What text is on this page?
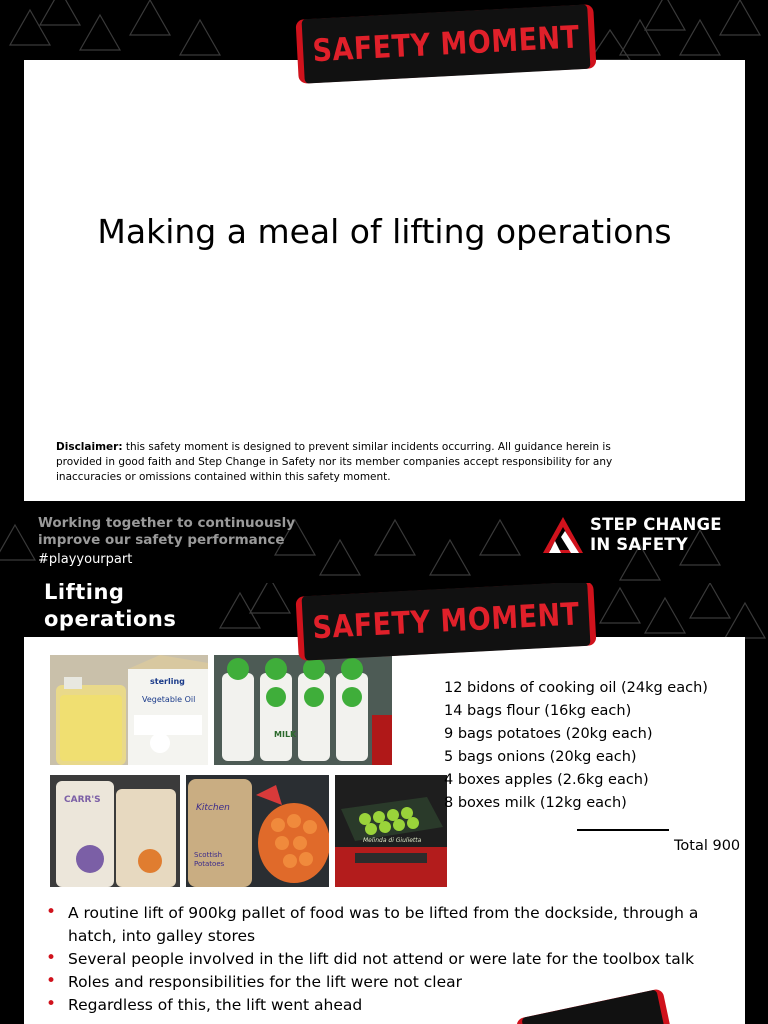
Making a meal of lifting operations
Disclaimer: this safety moment is designed to prevent similar incidents occurring. All guidance herein is provided in good faith and Step Change in Safety nor its member companies accept responsibility for any inaccuracies or omissions contained within this safety moment.
SAFETY MOMENT
Working together to continuously
improve our safety performance
#playyourpart
STEP CHANGE
IN SAFETY
Lifting
operations
sterling
Vegetable Oil
MILK
CARR'S
Kitchen
Scottish Potatoes
Melinda di Giulietta
12 bidons of cooking oil (24kg each)
14 bags flour (16kg each)
9 bags potatoes (20kg each)
5 bags onions (20kg each)
4 boxes apples (2.6kg each)
8 boxes milk (12kg each)
Total 900
• A routine lift of 900kg pallet of food was to be lifted from the dockside, through a hatch, into galley stores
• Several people involved in the lift did not attend or were late for the toolbox talk
• Roles and responsibilities for the lift were not clear
• Regardless of this, the lift went ahead
SAFETY MOMENT
